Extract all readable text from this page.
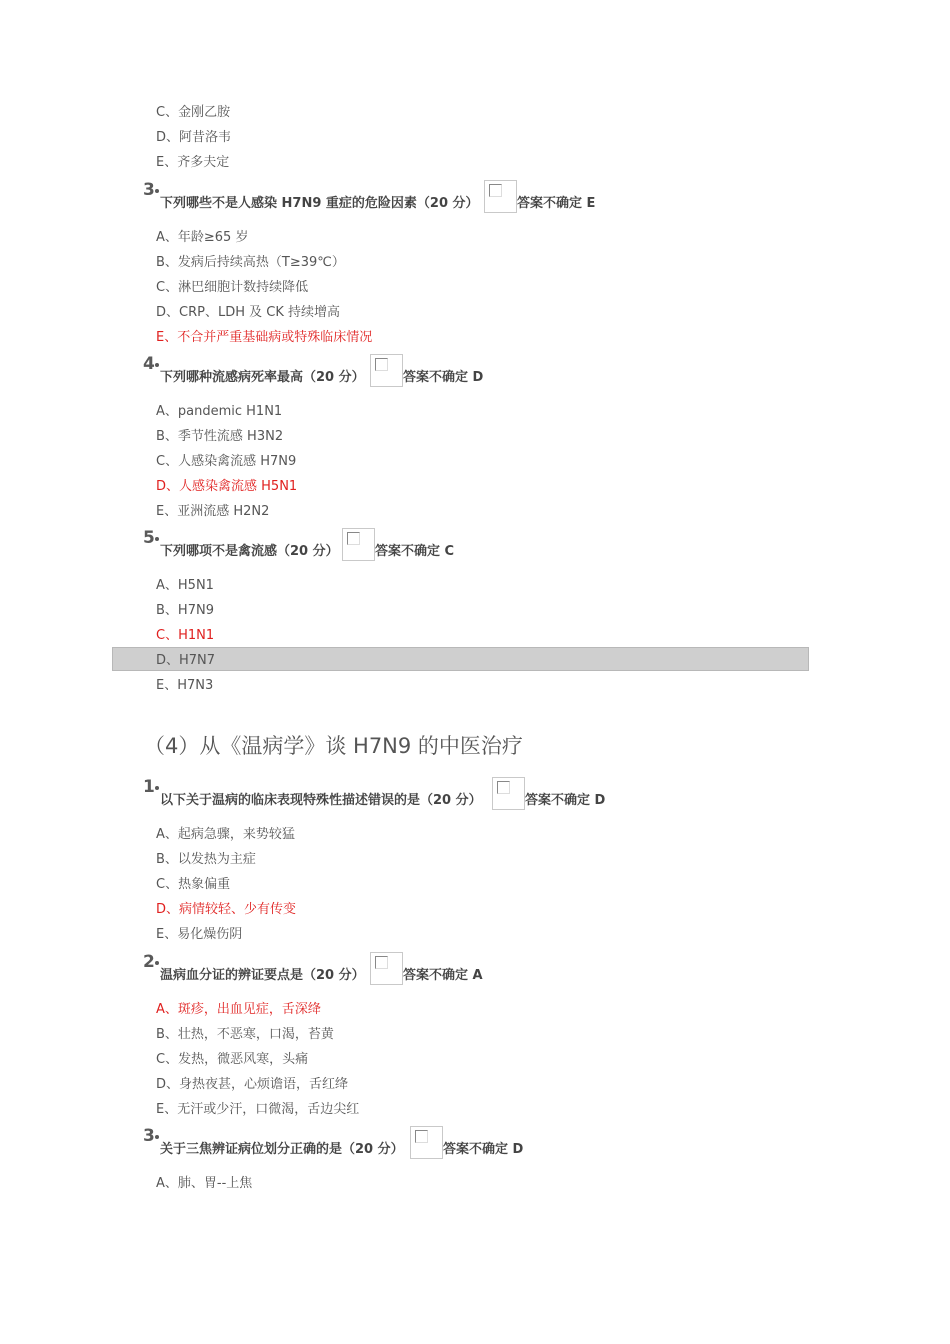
C、金刚乙胺
D、阿昔洛韦
E、齐多夫定
3
下列哪些不是人感染 H7N9 重症的危险因素（20 分）	答案不确定 E
A、年龄≥65 岁
B、发病后持续高热（T≥39℃）
C、淋巴细胞计数持续降低
D、CRP、LDH 及 CK 持续增高
E、不合并严重基础病或特殊临床情况
4
下列哪种流感病死率最高（20 分）	答案不确定 D
A、pandemic H1N1
B、季节性流感 H3N2
C、人感染禽流感 H7N9
D、人感染禽流感 H5N1
E、亚洲流感 H2N2
5
下列哪项不是禽流感（20 分）	答案不确定 C
A、H5N1
B、H7N9
C、H1N1
D、H7N7
E、H7N3
（4）从《温病学》谈 H7N9 的中医治疗
1
以下关于温病的临床表现特殊性描述错误的是（20 分）	答案不确定 D
A、起病急骤，来势较猛
B、以发热为主症
C、热象偏重
D、病情较轻、少有传变
E、易化燥伤阴
2
温病血分证的辨证要点是（20 分）	答案不确定 A
A、斑疹，出血见症，舌深绛
B、壮热，不恶寒，口渴，苔黄
C、发热，微恶风寒，头痛
D、身热夜甚，心烦谵语，舌红绛
E、无汗或少汗，口微渴，舌边尖红
3
关于三焦辨证病位划分正确的是（20 分）	答案不确定 D
A、肺、胃--上焦
